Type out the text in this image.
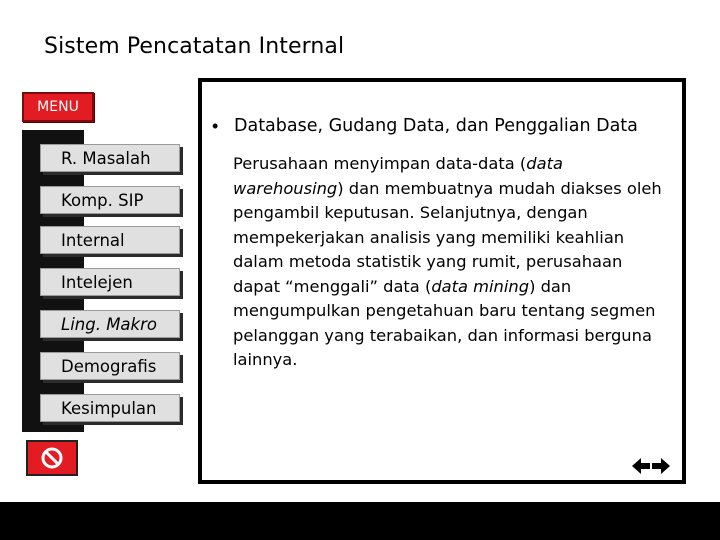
Sistem Pencatatan Internal
MENU
R. Masalah
Komp. SIP
Internal
Intelejen
Ling. Makro
Demografis
Kesimpulan
• Database, Gudang Data, dan Penggalian Data
Perusahaan menyimpan data-data (data warehousing) dan membuatnya mudah diakses oleh pengambil keputusan. Selanjutnya, dengan mempekerjakan analisis yang memiliki keahlian dalam metoda statistik yang rumit, perusahaan dapat “menggali” data (data mining) dan mengumpulkan pengetahuan baru tentang segmen pelanggan yang terabaikan, dan informasi berguna lainnya.
